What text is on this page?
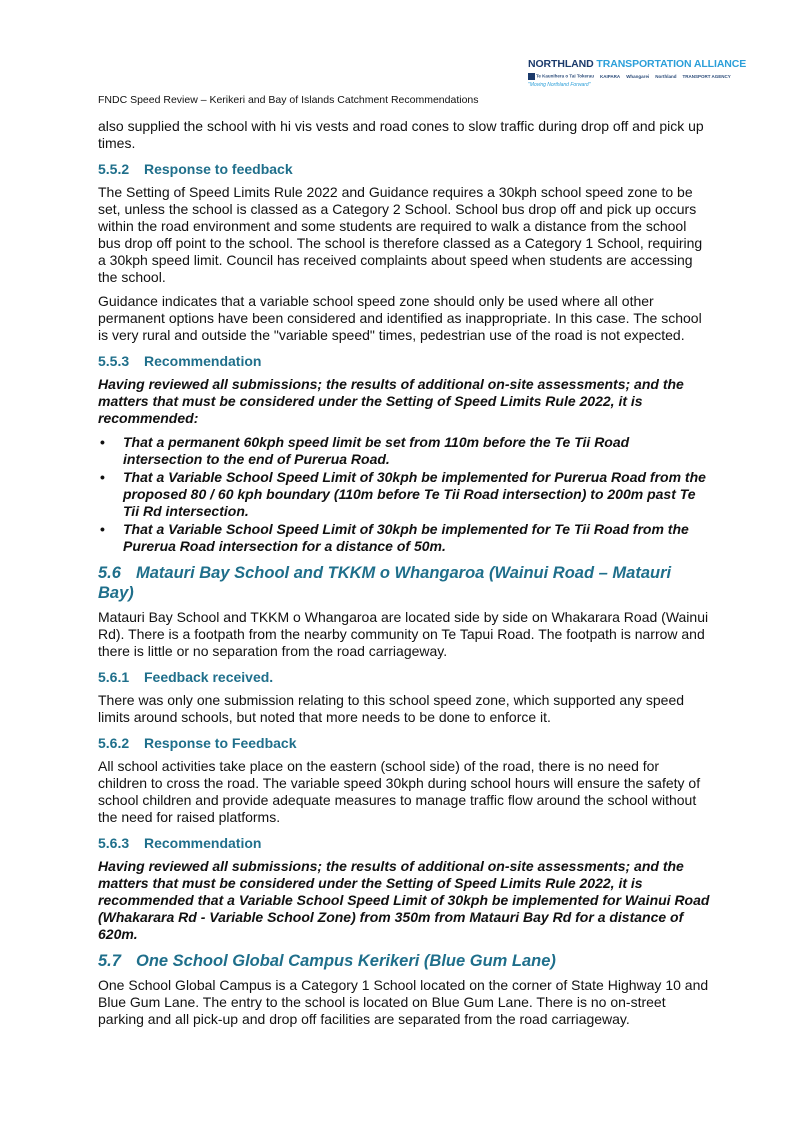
NORTHLAND TRANSPORTATION ALLIANCE
Te Kaunihera o Tai Tokerau KAIPARA Whangarei Northland TRANSPORT AGENCY
"Moving Northland Forward"
FNDC Speed Review – Kerikeri and Bay of Islands Catchment Recommendations

also supplied the school with hi vis vests and road cones to slow traffic during drop off and pick up times.

5.5.2 Response to feedback

The Setting of Speed Limits Rule 2022 and Guidance requires a 30kph school speed zone to be set, unless the school is classed as a Category 2 School. School bus drop off and pick up occurs within the road environment and some students are required to walk a distance from the school bus drop off point to the school. The school is therefore classed as a Category 1 School, requiring a 30kph speed limit. Council has received complaints about speed when students are accessing the school.

Guidance indicates that a variable school speed zone should only be used where all other permanent options have been considered and identified as inappropriate. In this case. The school is very rural and outside the "variable speed" times, pedestrian use of the road is not expected.

5.5.3 Recommendation

Having reviewed all submissions; the results of additional on-site assessments; and the matters that must be considered under the Setting of Speed Limits Rule 2022, it is recommended:

• That a permanent 60kph speed limit be set from 110m before the Te Tii Road intersection to the end of Purerua Road.
• That a Variable School Speed Limit of 30kph be implemented for Purerua Road from the proposed 80 / 60 kph boundary (110m before Te Tii Road intersection) to 200m past Te Tii Rd intersection.
• That a Variable School Speed Limit of 30kph be implemented for Te Tii Road from the Purerua Road intersection for a distance of 50m.
5.6 Matauri Bay School and TKKM o Whangaroa (Wainui Road – Matauri Bay)

Matauri Bay School and TKKM o Whangaroa are located side by side on Whakarara Road (Wainui Rd). There is a footpath from the nearby community on Te Tapui Road. The footpath is narrow and there is little or no separation from the road carriageway.

5.6.1 Feedback received.

There was only one submission relating to this school speed zone, which supported any speed limits around schools, but noted that more needs to be done to enforce it.

5.6.2 Response to Feedback

All school activities take place on the eastern (school side) of the road, there is no need for children to cross the road. The variable speed 30kph during school hours will ensure the safety of school children and provide adequate measures to manage traffic flow around the school without the need for raised platforms.

5.6.3 Recommendation

Having reviewed all submissions; the results of additional on-site assessments; and the matters that must be considered under the Setting of Speed Limits Rule 2022, it is recommended that a Variable School Speed Limit of 30kph be implemented for Wainui Road (Whakarara Rd - Variable School Zone) from 350m from Matauri Bay Rd for a distance of 620m.

5.7 One School Global Campus Kerikeri (Blue Gum Lane)

One School Global Campus is a Category 1 School located on the corner of State Highway 10 and Blue Gum Lane. The entry to the school is located on Blue Gum Lane. There is no on-street parking and all pick-up and drop off facilities are separated from the road carriageway.
